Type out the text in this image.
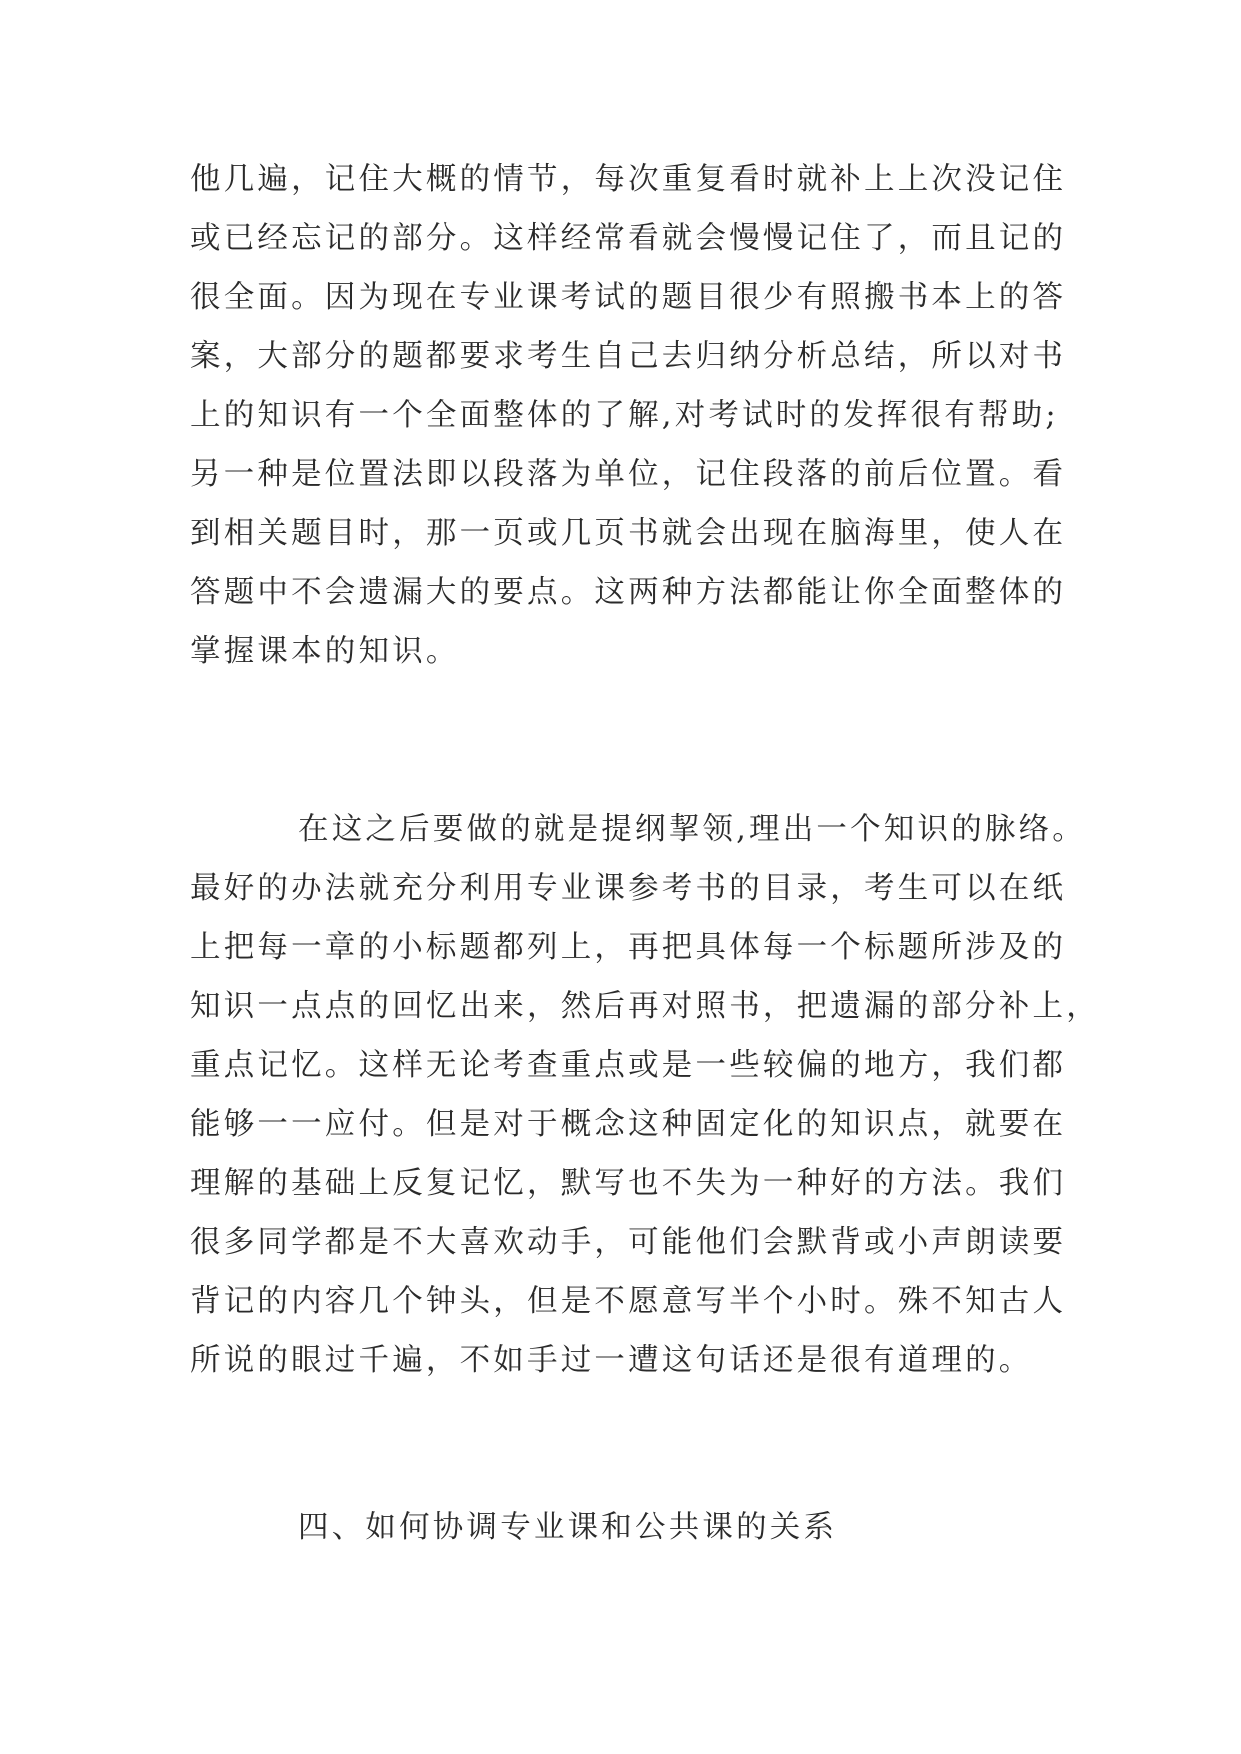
他几遍，记住大概的情节，每次重复看时就补上上次没记住
或已经忘记的部分。这样经常看就会慢慢记住了，而且记的
很全面。因为现在专业课考试的题目很少有照搬书本上的答
案，大部分的题都要求考生自己去归纳分析总结，所以对书
上的知识有一个全面整体的了解,对考试时的发挥很有帮助;
另一种是位置法即以段落为单位，记住段落的前后位置。看
到相关题目时，那一页或几页书就会出现在脑海里，使人在
答题中不会遗漏大的要点。这两种方法都能让你全面整体的
掌握课本的知识。
在这之后要做的就是提纲挈领,理出一个知识的脉络。
最好的办法就充分利用专业课参考书的目录，考生可以在纸
上把每一章的小标题都列上，再把具体每一个标题所涉及的
知识一点点的回忆出来，然后再对照书，把遗漏的部分补上，
重点记忆。这样无论考查重点或是一些较偏的地方，我们都
能够一一应付。但是对于概念这种固定化的知识点，就要在
理解的基础上反复记忆，默写也不失为一种好的方法。我们
很多同学都是不大喜欢动手，可能他们会默背或小声朗读要
背记的内容几个钟头，但是不愿意写半个小时。殊不知古人
所说的眼过千遍，不如手过一遭这句话还是很有道理的。
四、如何协调专业课和公共课的关系
